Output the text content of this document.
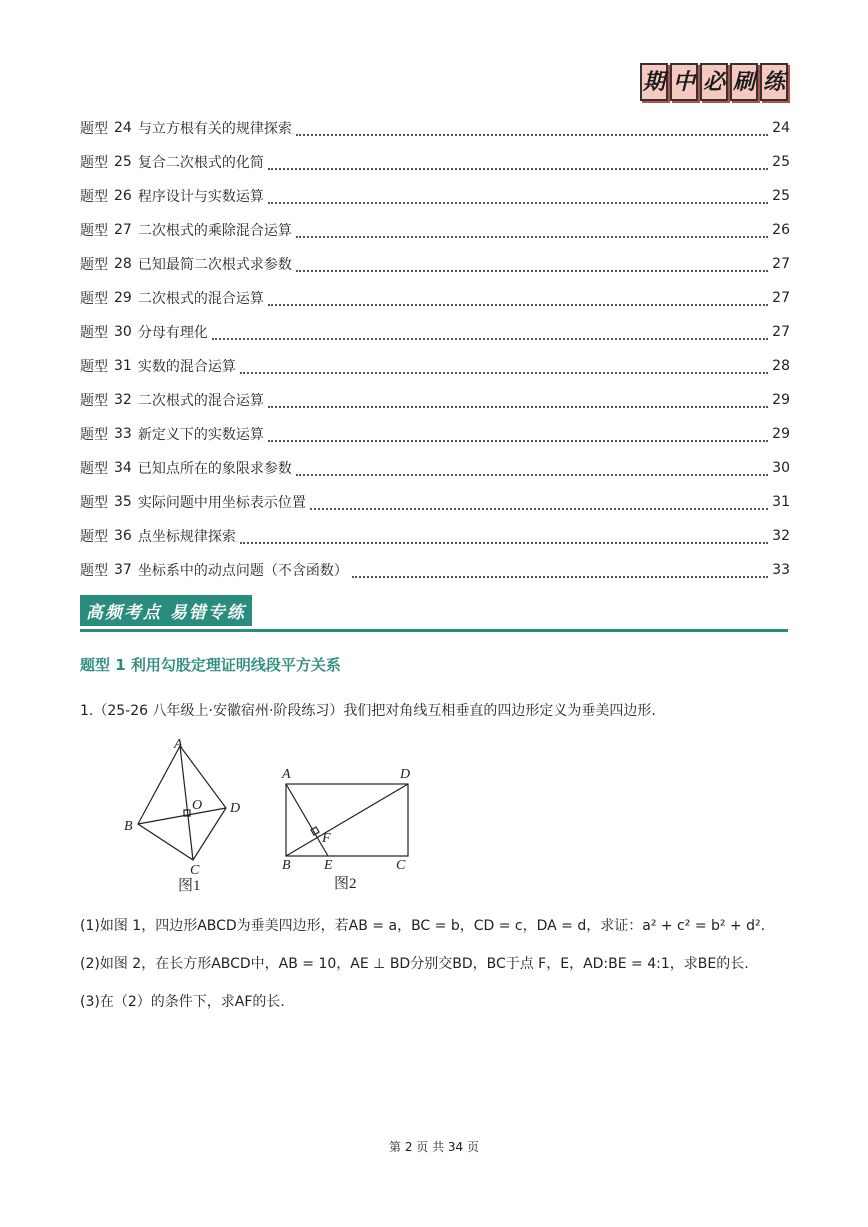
期 中 必 刷 练
题型 24 与立方根有关的规律探索	24
题型 25 复合二次根式的化简	25
题型 26 程序设计与实数运算	25
题型 27 二次根式的乘除混合运算	26
题型 28 已知最简二次根式求参数	27
题型 29 二次根式的混合运算	27
题型 30 分母有理化	27
题型 31 实数的混合运算	28
题型 32 二次根式的混合运算	29
题型 33 新定义下的实数运算	29
题型 34 已知点所在的象限求参数	30
题型 35 实际问题中用坐标表示位置	31
题型 36 点坐标规律探索	32
题型 37 坐标系中的动点问题（不含函数）	33
高频考点 易错专练
题型 1 利用勾股定理证明线段平方关系
1.（25-26 八年级上·安徽宿州·阶段练习）我们把对角线互相垂直的四边形定义为垂美四边形.
A
B
C
D
O
图1
A	D
B E	C
F
图2
(1)如图 1，四边形ABCD为垂美四边形，若AB = a，BC = b，CD = c，DA = d，求证：a² + c² = b² + d².
(2)如图 2，在长方形ABCD中，AB = 10，AE ⊥ BD分别交BD，BC于点 F，E，AD:BE = 4:1，求BE的长.
(3)在（2）的条件下，求AF的长.
第 2 页 共 34 页
